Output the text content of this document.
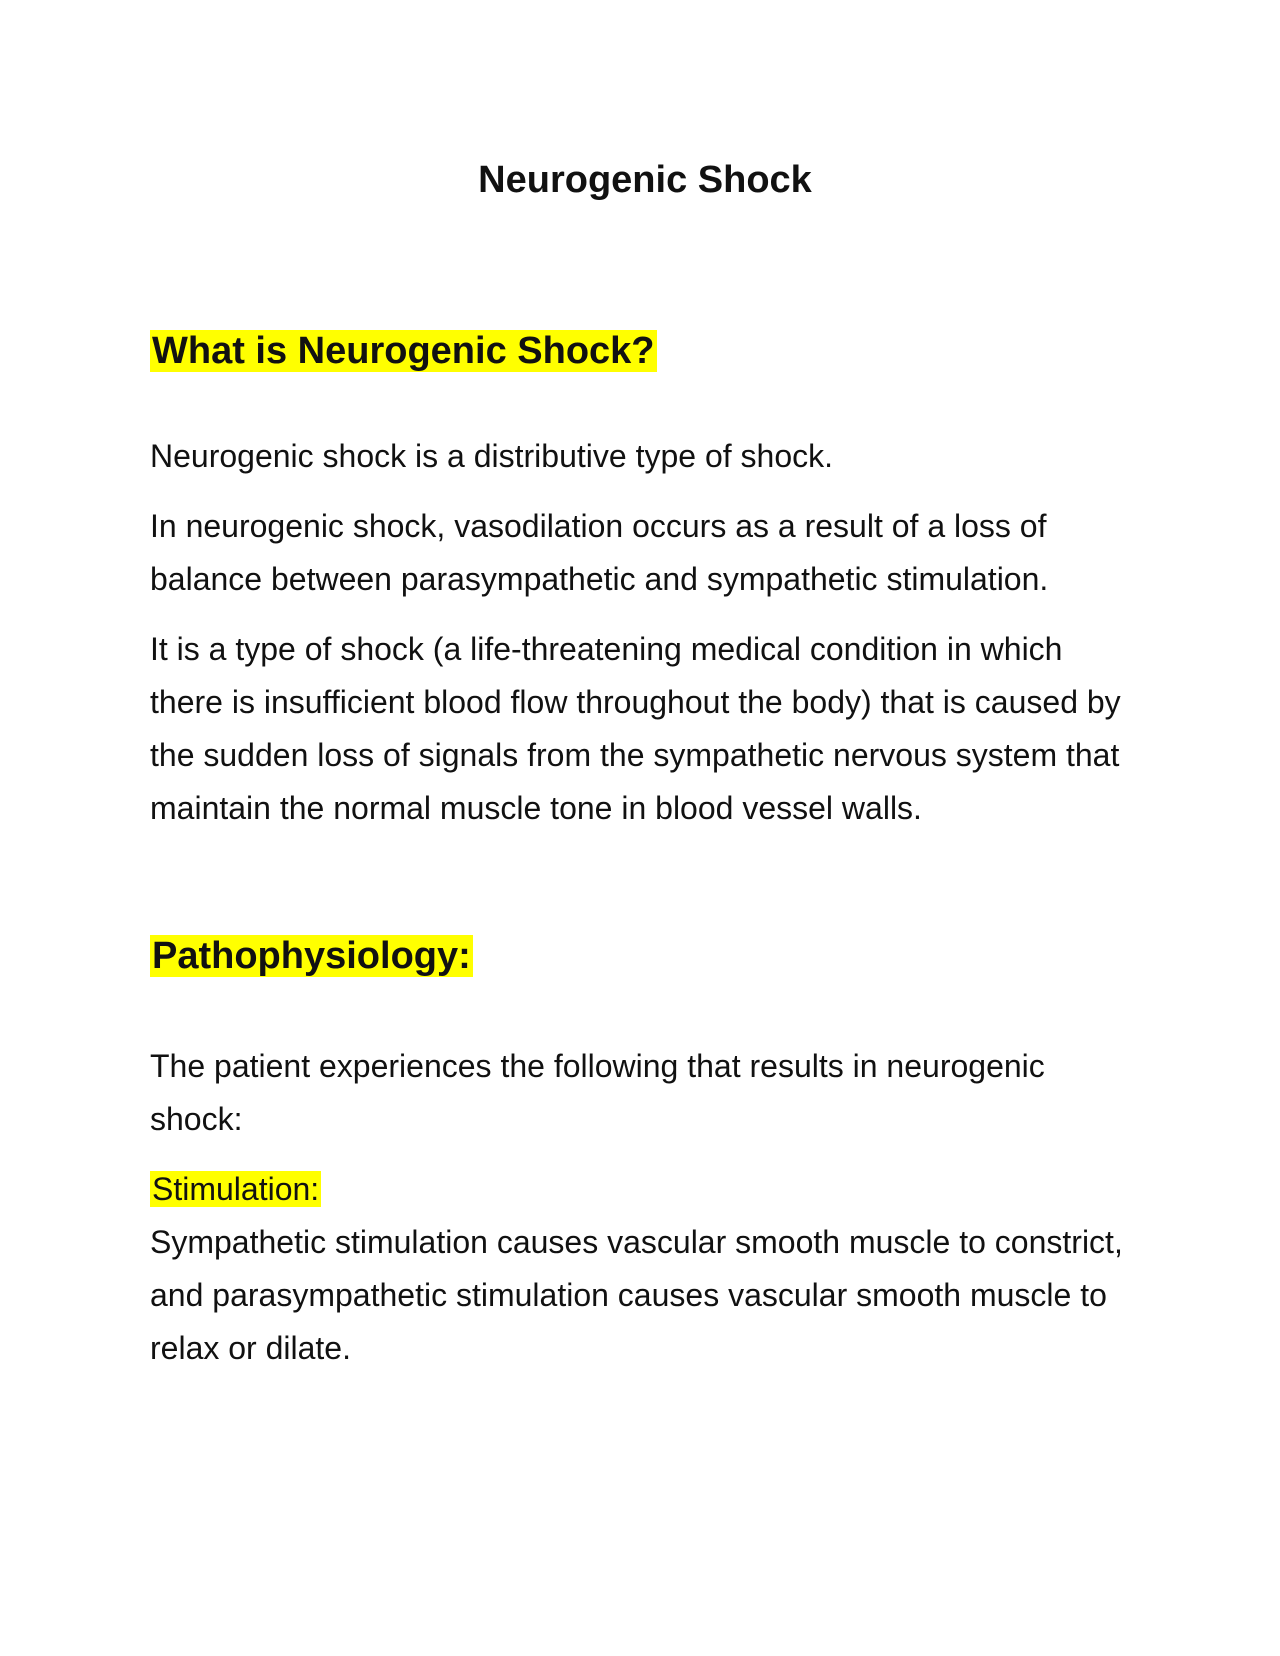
Neurogenic Shock
What is Neurogenic Shock?

Neurogenic shock is a distributive type of shock.

In neurogenic shock, vasodilation occurs as a result of a loss of balance between parasympathetic and sympathetic stimulation.

It is a type of shock (a life-threatening medical condition in which there is insufficient blood flow throughout the body) that is caused by the sudden loss of signals from the sympathetic nervous system that maintain the normal muscle tone in blood vessel walls.

Pathophysiology:

The patient experiences the following that results in neurogenic shock:

Stimulation:

Sympathetic stimulation causes vascular smooth muscle to constrict, and parasympathetic stimulation causes vascular smooth muscle to relax or dilate.
